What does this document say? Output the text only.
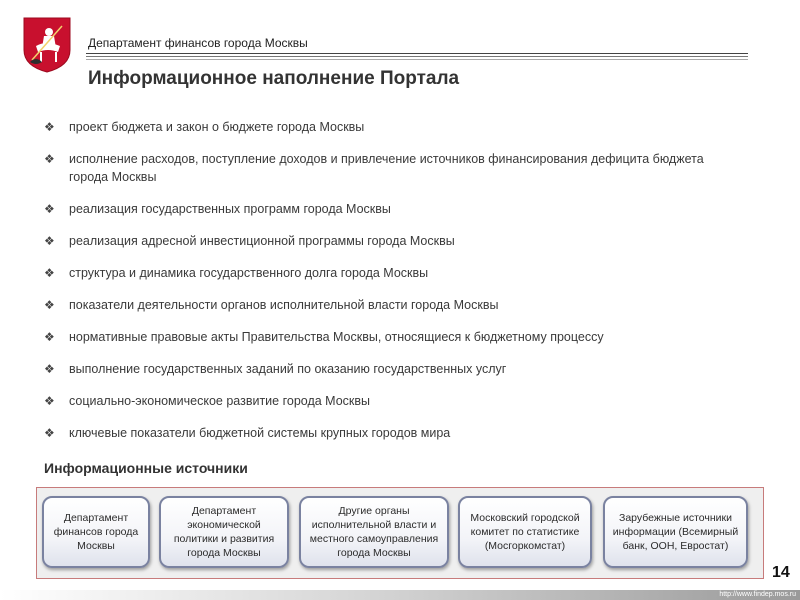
Департамент финансов города Москвы
Информационное наполнение Портала
❖ проект бюджета и закон о бюджете города Москвы
❖ исполнение расходов, поступление доходов и привлечение источников финансирования дефицита бюджета города Москвы
❖ реализация государственных программ города Москвы
❖ реализация адресной инвестиционной программы города Москвы
❖ структура и динамика государственного долга города Москвы
❖ показатели деятельности органов исполнительной власти города Москвы
❖ нормативные правовые акты Правительства Москвы, относящиеся к бюджетному процессу
❖ выполнение государственных заданий по оказанию государственных услуг
❖ социально-экономическое развитие города Москвы
❖ ключевые показатели бюджетной системы крупных городов мира
Информационные источники
Департамент финансов города Москвы
Департамент экономической политики и развития города Москвы
Другие органы исполнительной власти и местного самоуправления города Москвы
Московский городской комитет по статистике (Мосгоркомстат)
Зарубежные источники информации (Всемирный банк, ООН, Евростат)
14
http://www.findep.mos.ru
